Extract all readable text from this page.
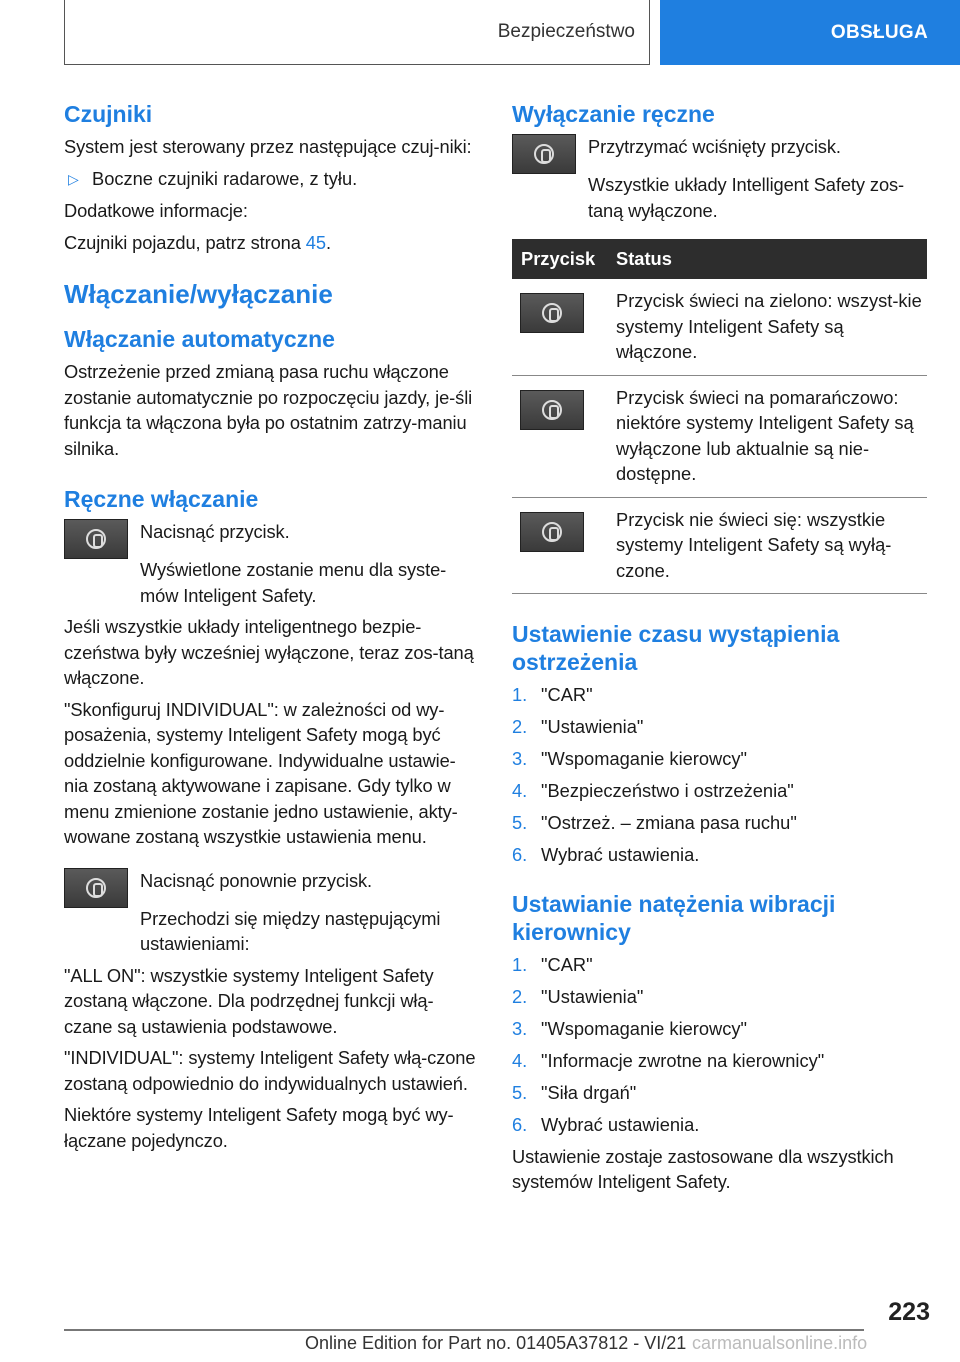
Bezpieczeństwo	OBSŁUGA
Czujniki

System jest sterowany przez następujące czuj-niki:

▷ Boczne czujniki radarowe, z tyłu.

Dodatkowe informacje:

Czujniki pojazdu, patrz strona 45.

Włączanie/wyłączanie
Włączanie automatyczne

Ostrzeżenie przed zmianą pasa ruchu włączone zostanie automatycznie po rozpoczęciu jazdy, je-śli funkcja ta włączona była po ostatnim zatrzy-maniu silnika.

Ręczne włączanie

Nacisnąć przycisk.

Wyświetlone zostanie menu dla syste-mów Inteligent Safety.

Jeśli wszystkie układy inteligentnego bezpie-czeństwa były wcześniej wyłączone, teraz zos-taną włączone.

"Skonfiguruj INDIVIDUAL": w zależności od wy-posażenia, systemy Inteligent Safety mogą być oddzielnie konfigurowane. Indywidualne ustawie-nia zostaną aktywowane i zapisane. Gdy tylko w menu zmienione zostanie jedno ustawienie, akty-wowane zostaną wszystkie ustawienia menu.

Nacisnąć ponownie przycisk.

Przechodzi się między następującymi ustawieniami:

"ALL ON": wszystkie systemy Inteligent Safety zostaną włączone. Dla podrzędnej funkcji włą-czane są ustawienia podstawowe.

"INDIVIDUAL": systemy Inteligent Safety włą-czone zostaną odpowiednio do indywidualnych ustawień.

Niektóre systemy Inteligent Safety mogą być wy-łączane pojedynczo.

Wyłączanie ręczne

Przytrzymać wciśnięty przycisk.

Wszystkie układy Intelligent Safety zos-taną wyłączone.

Przycisk	Status
Przycisk świeci na zielono: wszyst-kie systemy Inteligent Safety są włączone.
Przycisk świeci na pomarańczowo: niektóre systemy Inteligent Safety są wyłączone lub aktualnie są nie-dostępne.
Przycisk nie świeci się: wszystkie systemy Inteligent Safety są wyłą-czone.
Ustawienie czasu wystąpienia ostrzeżenia
1. "CAR"
2. "Ustawienia"
3. "Wspomaganie kierowcy"
4. "Bezpieczeństwo i ostrzeżenia"
5. "Ostrzeż. – zmiana pasa ruchu"
6. Wybrać ustawienia.
Ustawianie natężenia wibracji kierownicy
1. "CAR"
2. "Ustawienia"
3. "Wspomaganie kierowcy"
4. "Informacje zwrotne na kierownicy"
5. "Siła drgań"
6. Wybrać ustawienia.

Ustawienie zostaje zastosowane dla wszystkich systemów Inteligent Safety.

223
Online Edition for Part no. 01405A37812 - VI/21 carmanualsonline.info
